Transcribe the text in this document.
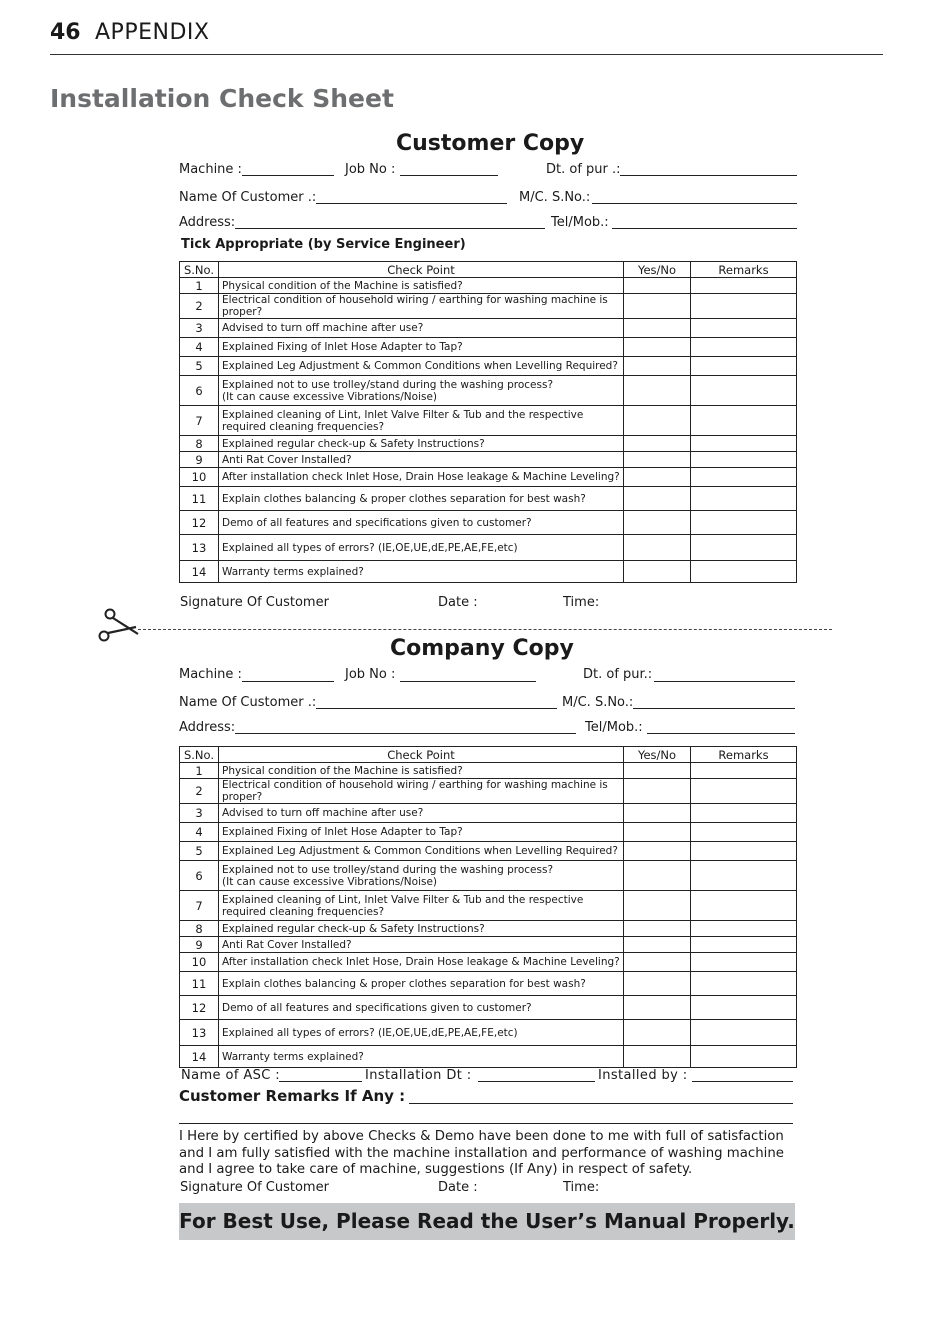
46 APPENDIX
Installation Check Sheet
Customer Copy
Machine :	Job No :	Dt. of pur .:
Name Of Customer .:	M/C. S.No.:
Address:	Tel/Mob.:
Tick Appropriate (by Service Engineer)
S.No.	Check Point	Yes/No	Remarks
1	Physical condition of the Machine is satisfied?		
2	Electrical condition of household wiring / earthing for washing machine is proper?		
3	Advised to turn off machine after use?		
4	Explained Fixing of Inlet Hose Adapter to Tap?		
5	Explained Leg Adjustment & Common Conditions when Levelling Required?		
6	Explained not to use trolley/stand during the washing process?
(It can cause excessive Vibrations/Noise)		

7	Explained cleaning of Lint, Inlet Valve Filter & Tub and the respective
required cleaning frequencies?		

8	Explained regular check-up & Safety Instructions?		
9	Anti Rat Cover Installed?		
10	After installation check Inlet Hose, Drain Hose leakage & Machine Leveling?		
11	Explain clothes balancing & proper clothes separation for best wash?		
12	Demo of all features and specifications given to customer?		
13	Explained all types of errors? (IE,OE,UE,dE,PE,AE,FE,etc)		
14	Warranty terms explained?		
Signature Of Customer	Date :	Time:
Company Copy
Machine :	Job No :	Dt. of pur.:
Name Of Customer .:	M/C. S.No.:
Address:	Tel/Mob.:
S.No.	Check Point	Yes/No	Remarks
1	Physical condition of the Machine is satisfied?		
2	Electrical condition of household wiring / earthing for washing machine is proper?		
3	Advised to turn off machine after use?		
4	Explained Fixing of Inlet Hose Adapter to Tap?		
5	Explained Leg Adjustment & Common Conditions when Levelling Required?		
6	Explained not to use trolley/stand during the washing process?
(It can cause excessive Vibrations/Noise)		

7	Explained cleaning of Lint, Inlet Valve Filter & Tub and the respective
required cleaning frequencies?		

8	Explained regular check-up & Safety Instructions?		
9	Anti Rat Cover Installed?		
10	After installation check Inlet Hose, Drain Hose leakage & Machine Leveling?		
11	Explain clothes balancing & proper clothes separation for best wash?		
12	Demo of all features and specifications given to customer?		
13	Explained all types of errors? (IE,OE,UE,dE,PE,AE,FE,etc)		
14	Warranty terms explained?		
Name of ASC :	Installation Dt :	Installed by :
Customer Remarks If Any :
I Here by certified by above Checks & Demo have been done to me with full of satisfaction and I am fully satisfied with the machine installation and performance of washing machine and I agree to take care of machine, suggestions (If Any) in respect of safety.
Signature Of Customer	Date :	Time:
For Best Use, Please Read the User’s Manual Properly.
